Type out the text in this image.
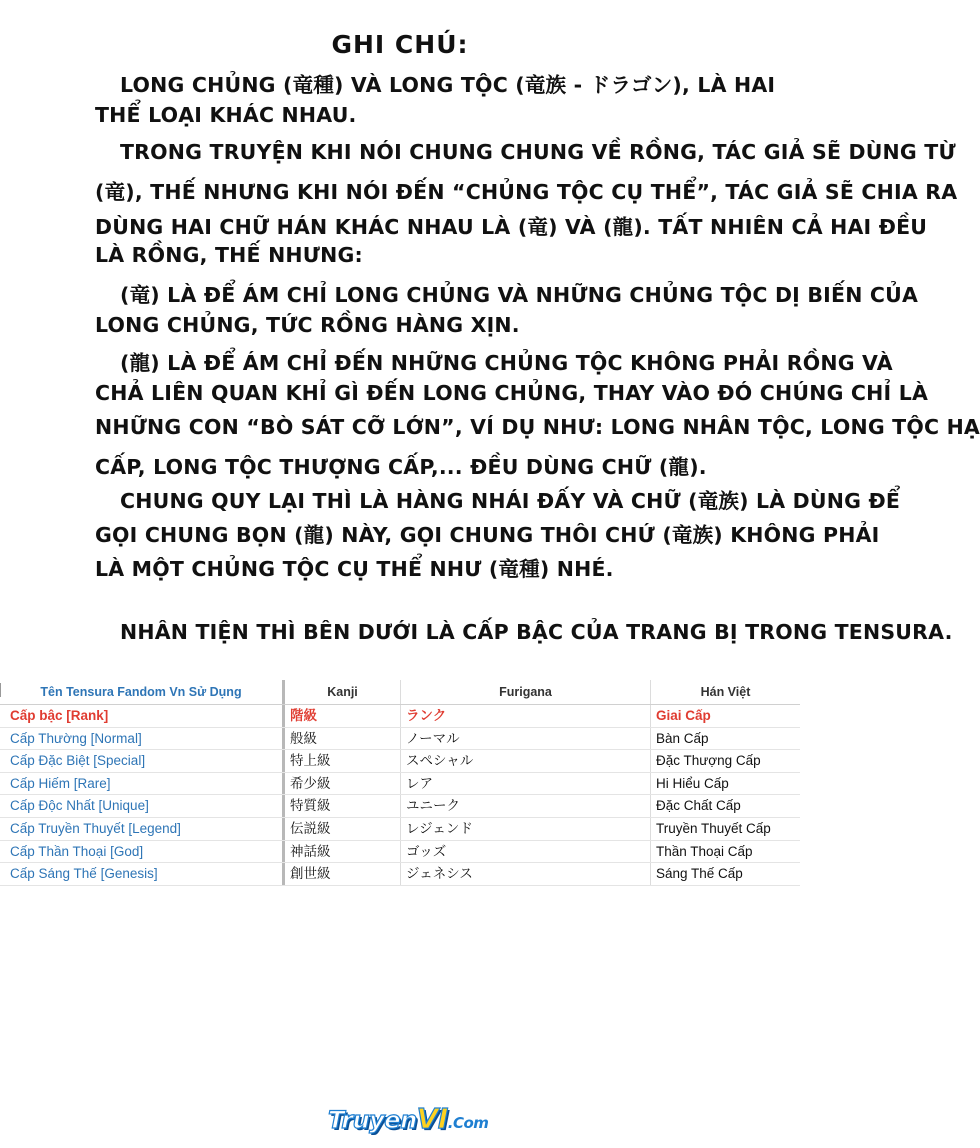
GHI CHÚ:
LONG CHỦNG (竜種) VÀ LONG TỘC (竜族 - ドラゴン), LÀ HAI
THỂ LOẠI KHÁC NHAU.
TRONG TRUYỆN KHI NÓI CHUNG CHUNG VỀ RỒNG, TÁC GIẢ SẼ DÙNG TỪ
(竜), THẾ NHƯNG KHI NÓI ĐẾN “CHỦNG TỘC CỤ THỂ”, TÁC GIẢ SẼ CHIA RA
DÙNG HAI CHỮ HÁN KHÁC NHAU LÀ (竜) VÀ (龍). TẤT NHIÊN CẢ HAI ĐỀU
LÀ RỒNG, THẾ NHƯNG:
(竜) LÀ ĐỂ ÁM CHỈ LONG CHỦNG VÀ NHỮNG CHỦNG TỘC DỊ BIẾN CỦA
LONG CHỦNG, TỨC RỒNG HÀNG XỊN.
(龍) LÀ ĐỂ ÁM CHỈ ĐẾN NHỮNG CHỦNG TỘC KHÔNG PHẢI RỒNG VÀ
CHẢ LIÊN QUAN KHỈ GÌ ĐẾN LONG CHỦNG, THAY VÀO ĐÓ CHÚNG CHỈ LÀ
NHỮNG CON “BÒ SÁT CỠ LỚN”, VÍ DỤ NHƯ: LONG NHÂN TỘC, LONG TỘC HẠ
CẤP, LONG TỘC THƯỢNG CẤP,... ĐỀU DÙNG CHỮ (龍).
CHUNG QUY LẠI THÌ LÀ HÀNG NHÁI ĐẤY VÀ CHỮ (竜族) LÀ DÙNG ĐỂ
GỌI CHUNG BỌN (龍) NÀY, GỌI CHUNG THÔI CHỨ (竜族) KHÔNG PHẢI
LÀ MỘT CHỦNG TỘC CỤ THỂ NHƯ (竜種) NHÉ.
NHÂN TIỆN THÌ BÊN DƯỚI LÀ CẤP BẬC CỦA TRANG BỊ TRONG TENSURA.
Tên Tensura Fandom Vn Sử Dụng	Kanji	Furigana	Hán Việt
Cấp bậc [Rank]	階級	ランク	Giai Cấp
Cấp Thường [Normal]	般級	ノーマル	Bàn Cấp
Cấp Đặc Biệt [Special]	特上級	スペシャル	Đặc Thượng Cấp
Cấp Hiếm [Rare]	希少級	レア	Hi Hiểu Cấp
Cấp Độc Nhất [Unique]	特質級	ユニーク	Đặc Chất Cấp
Cấp Truyền Thuyết [Legend]	伝説級	レジェンド	Truyền Thuyết Cấp
Cấp Thần Thoại [God]	神話級	ゴッズ	Thần Thoại Cấp
Cấp Sáng Thế [Genesis]	創世級	ジェネシス	Sáng Thế Cấp
TruyenVI.Com
